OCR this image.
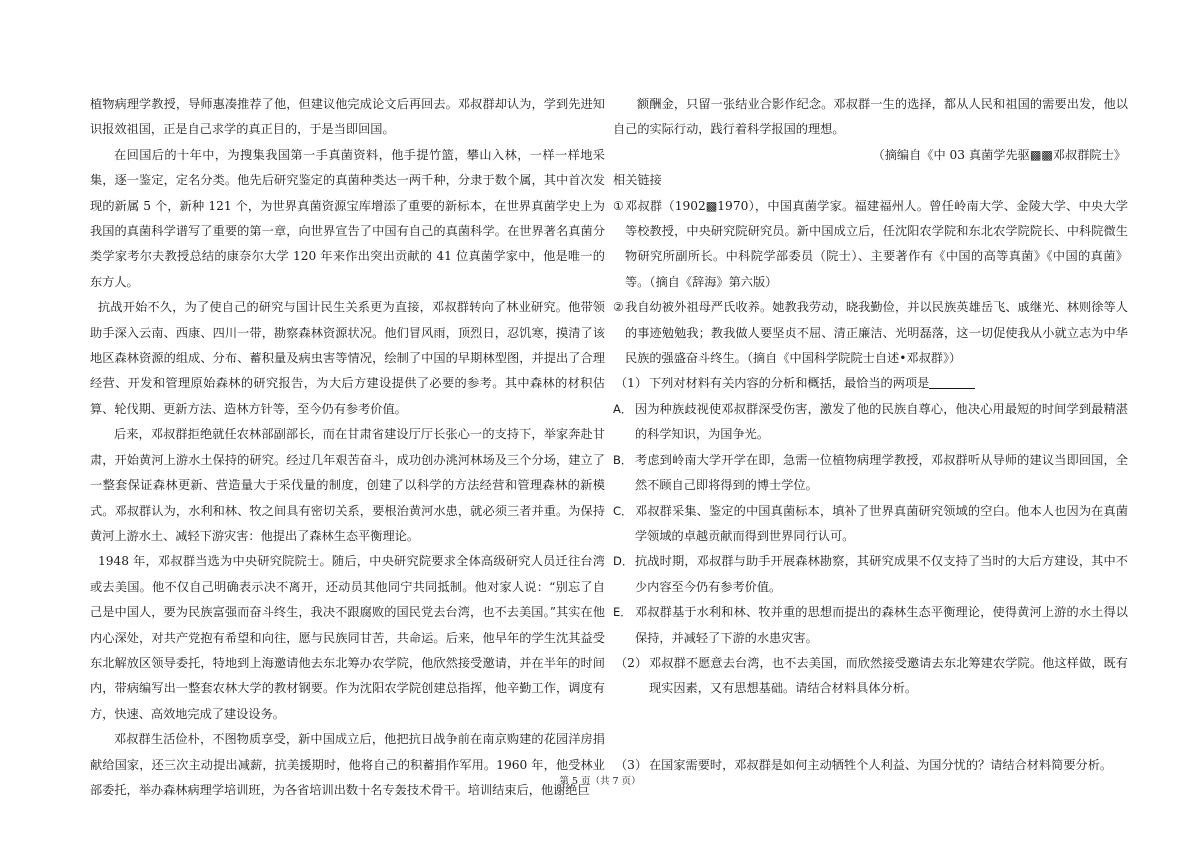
植物病理学教授，导师惠凑推荐了他，但建议他完成论文后再回去。邓叔群却认为，学到先进知识报效祖国，正是自己求学的真正目的，于是当即回国。

在回国后的十年中，为搜集我国第一手真菌资料，他手提竹篮，攀山入林，一样一样地采集，逐一鉴定，定名分类。他先后研究鉴定的真菌种类达一两千种，分隶于数个属，其中首次发现的新属 5 个，新种 121 个，为世界真菌资源宝库增添了重要的新标本，在世界真菌学史上为我国的真菌科学谱写了重要的第一章，向世界宣告了中国有自己的真菌科学。在世界著名真菌分类学家考尔夫教授总结的康奈尔大学 120 年来作出突出贡献的 41 位真菌学家中，他是唯一的东方人。

抗战开始不久，为了使自己的研究与国计民生关系更为直接，邓叔群转向了林业研究。他带领助手深入云南、西康、四川一带，勘察森林资源状况。他们冒风雨，顶烈日，忍饥寒，摸清了该地区森林资源的组成、分布、蓄积量及病虫害等情况，绘制了中国的早期林型图，并提出了合理经营、开发和管理原始森林的研究报告，为大后方建设提供了必要的参考。其中森林的材积估算、轮伐期、更新方法、造林方针等，至今仍有参考价值。

后来，邓叔群拒绝就任农林部副部长，而在甘肃省建设厅厅长张心一的支持下，举家奔赴甘肃，开始黄河上游水土保持的研究。经过几年艰苦奋斗，成功创办洮河林场及三个分场，建立了一整套保证森林更新、营造量大于采伐量的制度，创建了以科学的方法经营和管理森林的新模式。邓叔群认为，水利和林、牧之间具有密切关系，要根治黄河水患，就必须三者并重。为保持黄河上游水土、减轻下游灾害：他提出了森林生态平衡理论。

1948 年，邓叔群当选为中央研究院院士。随后，中央研究院要求全体高级研究人员迁往台湾或去美国。他不仅自己明确表示决不离开，还动员其他同宁共同抵制。他对家人说：“别忘了自己是中国人，要为民族富强而奋斗终生，我决不跟腐败的国民党去台湾，也不去美国。”其实在他内心深处，对共产党抱有希望和向往，愿与民族同甘苦，共命运。后来，他早年的学生沈其益受东北解放区领导委托，特地到上海邀请他去东北筹办农学院，他欣然接受邀请，并在半年的时间内，带病编写出一整套农林大学的教材钢要。作为沈阳农学院创建总指挥，他辛勤工作，调度有方，快速、高效地完成了建设设务。

邓叔群生活俭朴，不图物质享受，新中国成立后，他把抗日战争前在南京购建的花园洋房捐献给国家，还三次主动提出减薪，抗美援期时，他将自己的积蓄捐作军用。1960 年，他受林业部委托，举办森林病理学培训班，为各省培训出数十名专轰技术骨干。培训结束后，他谢绝巨

额酬金，只留一张结业合影作纪念。邓叔群一生的选择，都从人民和祖国的需要出发，他以自己的实际行动，践行着科学报国的理想。

（摘编自《中 03 真菌学先驱▩▩邓叔群院士》

相关链接

① 邓叔群（1902▩1970），中国真菌学家。福建福州人。曾任岭南大学、金陵大学、中央大学等校教授，中央研究院研究员。新中国成立后，任沈阳农学院和东北农学院院长、中科院微生物研究所副所长。中科院学部委员（院士）、主要著作有《中国的高等真菌》《中国的真菌》等。（摘自《辞海》第六版）
② 我自幼被外祖母严氏收养。她教我劳动，晓我勤俭，并以民族英雄岳飞、戚继光、林则徐等人的事迹勉勉我；教我做人要坚贞不屈、清正廉洁、光明磊落，这一切促使我从小就立志为中华民族的强盛奋斗终生。（摘自《中国科学院院士自述•邓叔群》）
（1） 下列对材料有关内容的分析和概括，最恰当的两项是
A． 因为种族歧视使邓叔群深受伤害，激发了他的民族自尊心，他决心用最短的时间学到最精湛的科学知识，为国争光。
B． 考虑到岭南大学开学在即，急需一位植物病理学教授，邓叔群听从导师的建议当即回国，全然不顾自己即将得到的博士学位。
C． 邓叔群采集、鉴定的中国真菌标本，填补了世界真菌研究领域的空白。他本人也因为在真菌学领域的卓越贡献而得到世界同行认可。
D． 抗战时期，邓叔群与助手开展森林勘察，其研究成果不仅支持了当时的大后方建设，其中不少内容至今仍有参考价值。
E． 邓叔群基于水利和林、牧并重的思想而提出的森林生态平衡理论，使得黄河上游的水土得以保持，并减轻了下游的水患灾害。
（2） 邓叔群不愿意去台湾，也不去美国，而欣然接受邀请去东北筹建农学院。他这样做，既有现实因素，又有思想基础。请结合材料具体分析。
（3） 在国家需要时，邓叔群是如何主动牺牲个人利益、为国分忧的？请结合材料简要分析。
第 5 页（共 7 页）
